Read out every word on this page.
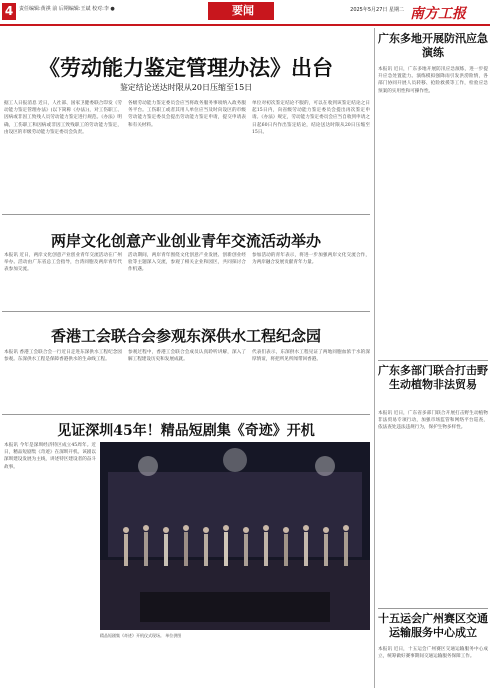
4	责任编辑:黄祺 前 后期编辑:王斌 校对:李 ●	要闻	2025年5月27日 星期二 南方工报
《劳动能力鉴定管理办法》出台
鉴定结论送达时限从20日压缩至15日
据工人日报消息 近日，人社部、国家卫健委联合印发《劳动能力鉴定管理办法》(以下简称《办法》)，对工伤职工、因病或非因工致残人员劳动能力鉴定进行规范。《办法》明确，工伤职工和因病或非因工致残职工的劳动能力鉴定，由设区的市级劳动能力鉴定委员会负责。
各级劳动能力鉴定委员会应当将政务服务事项纳入政务服务平台。工伤职工或者其用人单位应当及时向设区的市级劳动能力鉴定委员会提出劳动能力鉴定申请，提交申请表和有关材料。
单位对初次鉴定结论不服的，可以在收到该鉴定结论之日起15日内，向省级劳动能力鉴定委员会提出再次鉴定申请。《办法》规定，劳动能力鉴定委员会应当自收到申请之日起60日内作出鉴定结论，结论送达时限从20日压缩至15日。
两岸文化创意产业创业青年交流活动举办
本报讯 近日，两岸文化创意产业创业青年交流活动在广州举办。活动由广东省总工会指导，台湾同胞及两岸青年代表参加交流。
活动期间，两岸青年围绕文化创意产业发展、创新创业经验等主题深入交流，参观了相关企业和园区，共同探讨合作机遇。
参加活动的青年表示，将进一步加强两岸文化交流合作，为两岸融合发展贡献青年力量。
香港工会联合会参观东深供水工程纪念园
本报讯 香港工会联合会一行近日走进东深供水工程纪念园参观。东深供水工程是保障香港供水的生命线工程。
参观过程中，香港工会联合会成员认真聆听讲解，深入了解工程建设历史和发展成就。
代表们表示，东深供水工程见证了两地同胞血浓于水的深厚情谊，将把所见所闻带回香港。
见证深圳45年！精品短剧集《奇迹》开机
本报讯 今年是深圳经济特区成立45周年。近日，精品短剧集《奇迹》在深圳开机。该剧以深圳建设发展为主线，讲述特区建设者的奋斗故事。
精品短剧集《奇迹》开机仪式现场。 单位供图
广东多地开展防汛应急演练
本报讯 近日，广东多地开展防汛应急演练，进一步提升应急处置能力。演练模拟强降雨引发洪涝险情，各部门协同开展人员转移、抢险救援等工作，检验应急预案的实用性和可操作性。
广东多部门联合打击野生动植物非法贸易
本报讯 近日，广东省多部门联合开展打击野生动植物非法贸易专项行动，加强市场监管和网络平台巡查，依法查处违法违规行为，保护生物多样性。
十五运会广州赛区交通运输服务中心成立
本报讯 近日，十五运会广州赛区交通运输服务中心成立，统筹做好赛事期间交通运输服务保障工作。
